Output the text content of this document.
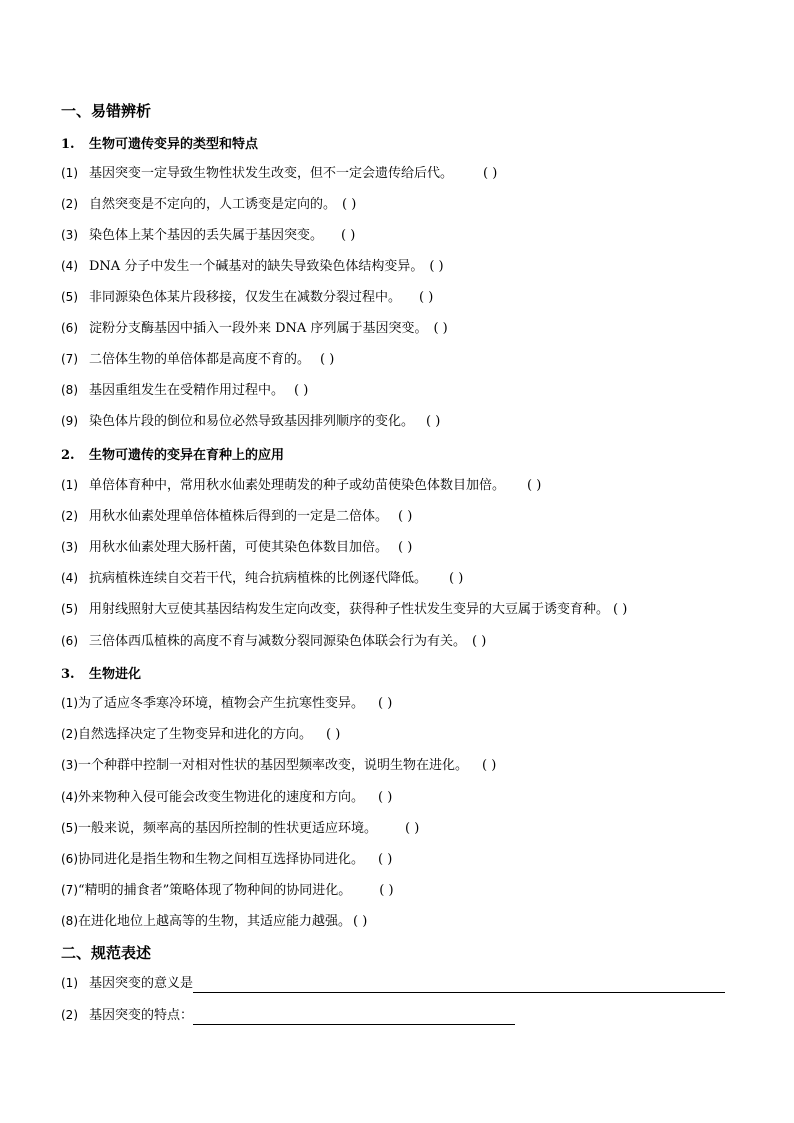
一、易错辨析
1. 生物可遗传变异的类型和特点
(1) 基因突变一定导致生物性状发生改变，但不一定会遗传给后代。 ( )
(2) 自然突变是不定向的，人工诱变是定向的。 ( )
(3) 染色体上某个基因的丢失属于基因突变。 ( )
(4) DNA 分子中发生一个碱基对的缺失导致染色体结构变异。 ( )
(5) 非同源染色体某片段移接，仅发生在减数分裂过程中。 ( )
(6) 淀粉分支酶基因中插入一段外来 DNA 序列属于基因突变。 ( )
(7) 二倍体生物的单倍体都是高度不育的。 ( )
(8) 基因重组发生在受精作用过程中。 ( )
(9) 染色体片段的倒位和易位必然导致基因排列顺序的变化。 ( )
2. 生物可遗传的变异在育种上的应用
(1) 单倍体育种中，常用秋水仙素处理萌发的种子或幼苗使染色体数目加倍。 ( )
(2) 用秋水仙素处理单倍体植株后得到的一定是二倍体。 ( )
(3) 用秋水仙素处理大肠杆菌，可使其染色体数目加倍。 ( )
(4) 抗病植株连续自交若干代，纯合抗病植株的比例逐代降低。 ( )
(5) 用射线照射大豆使其基因结构发生定向改变，获得种子性状发生变异的大豆属于诱变育种。 ( )
(6) 三倍体西瓜植株的高度不育与减数分裂同源染色体联会行为有关。 ( )
3. 生物进化
(1)为了适应冬季寒冷环境，植物会产生抗寒性变异。 ( )
(2)自然选择决定了生物变异和进化的方向。 ( )
(3)一个种群中控制一对相对性状的基因型频率改变，说明生物在进化。 ( )
(4)外来物种入侵可能会改变生物进化的速度和方向。 ( )
(5)一般来说，频率高的基因所控制的性状更适应环境。 ( )
(6)协同进化是指生物和生物之间相互选择协同进化。 ( )
(7)“精明的捕食者”策略体现了物种间的协同进化。 ( )
(8)在进化地位上越高等的生物，其适应能力越强。 ( )
二、规范表述
(1) 基因突变的意义是
(2) 基因突变的特点：
